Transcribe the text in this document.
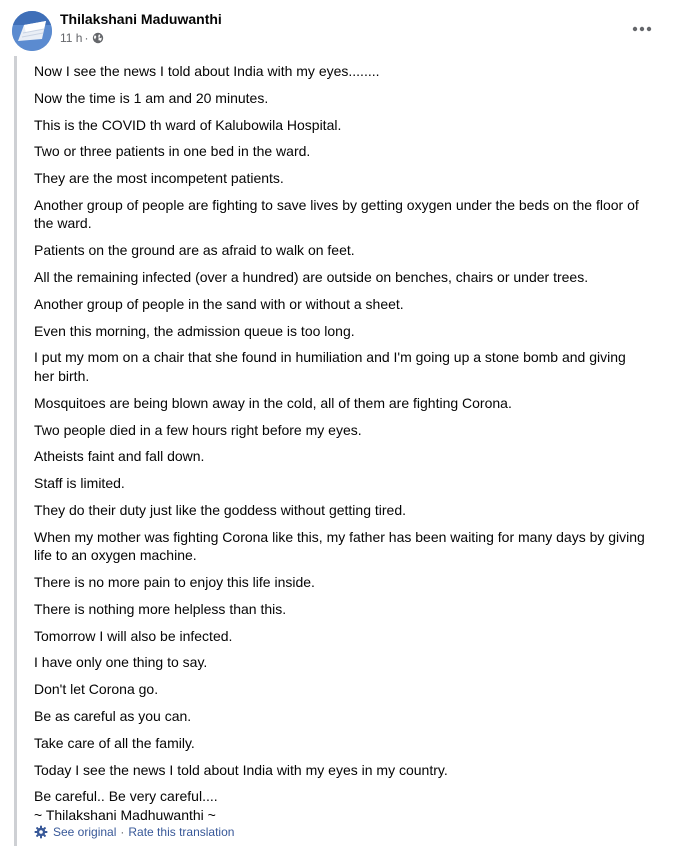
Thilakshani Maduwanthi
11 h ·
Now I see the news I told about India with my eyes........
Now the time is 1 am and 20 minutes.
This is the COVID th ward of Kalubowila Hospital.
Two or three patients in one bed in the ward.
They are the most incompetent patients.
Another group of people are fighting to save lives by getting oxygen under the beds on the floor of the ward.
Patients on the ground are as afraid to walk on feet.
All the remaining infected (over a hundred) are outside on benches, chairs or under trees.
Another group of people in the sand with or without a sheet.
Even this morning, the admission queue is too long.
I put my mom on a chair that she found in humiliation and I'm going up a stone bomb and giving her birth.
Mosquitoes are being blown away in the cold, all of them are fighting Corona.
Two people died in a few hours right before my eyes.
Atheists faint and fall down.
Staff is limited.
They do their duty just like the goddess without getting tired.
When my mother was fighting Corona like this, my father has been waiting for many days by giving life to an oxygen machine.
There is no more pain to enjoy this life inside.
There is nothing more helpless than this.
Tomorrow I will also be infected.
I have only one thing to say.
Don't let Corona go.
Be as careful as you can.
Take care of all the family.
Today I see the news I told about India with my eyes in my country.
Be careful.. Be very careful....
~ Thilakshani Madhuwanthi ~
See original · Rate this translation
